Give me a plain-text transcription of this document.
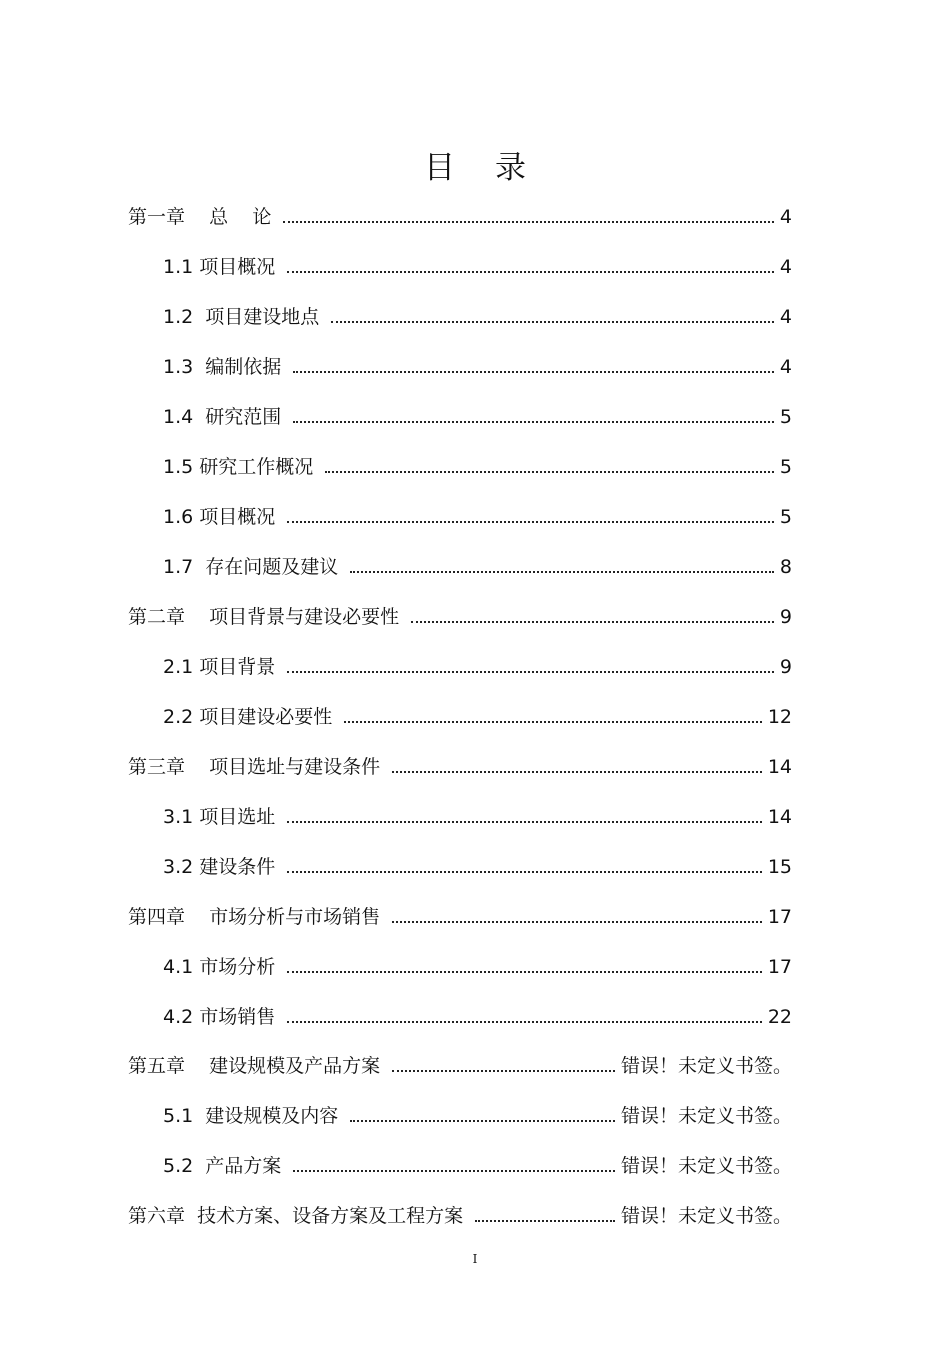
目录
第一章    总    论	4
1.1 项目概况	4
1.2  项目建设地点	4
1.3  编制依据	4
1.4  研究范围	5
1.5 研究工作概况	5
1.6 项目概况	5
1.7  存在问题及建议	8
第二章    项目背景与建设必要性	9
2.1 项目背景	9
2.2 项目建设必要性	12
第三章    项目选址与建设条件	14
3.1 项目选址	14
3.2 建设条件	15
第四章    市场分析与市场销售	17
4.1 市场分析	17
4.2 市场销售	22
第五章    建设规模及产品方案	错误！未定义书签。
5.1  建设规模及内容	错误！未定义书签。
5.2  产品方案	错误！未定义书签。
第六章  技术方案、设备方案及工程方案	错误！未定义书签。
I
